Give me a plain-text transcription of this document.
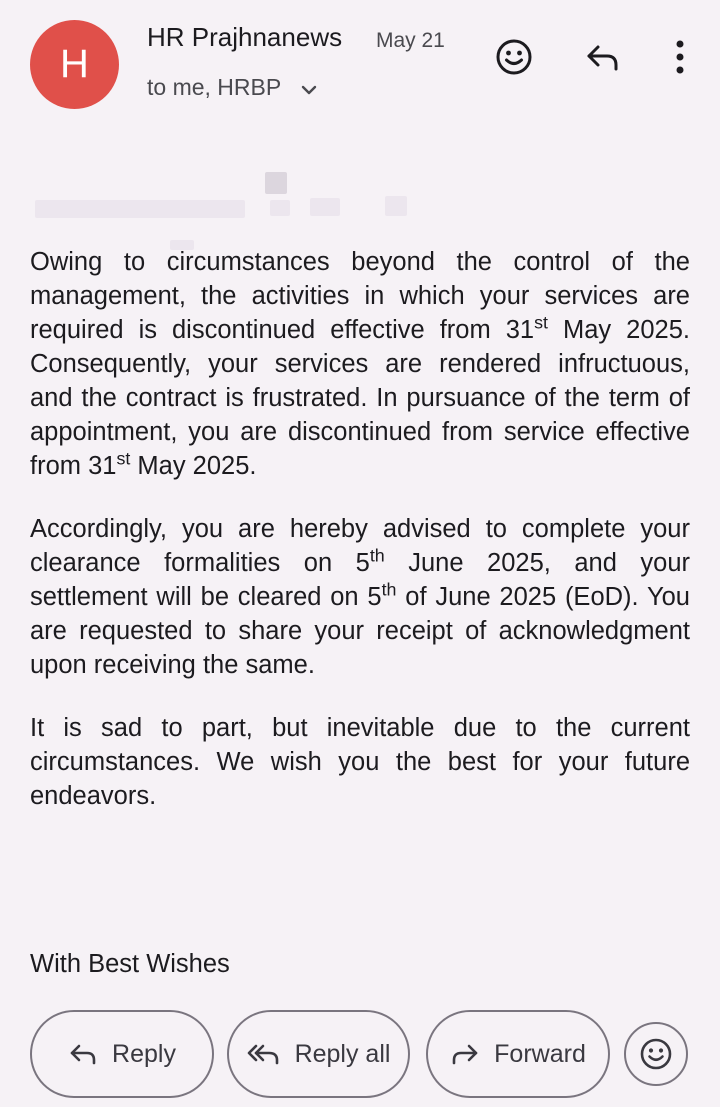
H
HR Prajhnanews May 21
to me, HRBP

Owing to circumstances beyond the control of the management, the activities in which your services are required is discontinued effective from 31st May 2025. Consequently, your services are rendered infructuous, and the contract is frustrated. In pursuance of the term of appointment, you are discontinued from service effective from 31st May 2025.

Accordingly, you are hereby advised to complete your clearance formalities on 5th June 2025, and your settlement will be cleared on 5th of June 2025 (EoD). You are requested to share your receipt of acknowledgment upon receiving the same.

It is sad to part, but inevitable due to the current circumstances. We wish you the best for your future endeavors.

With Best Wishes
Reply	Reply all	Forward
